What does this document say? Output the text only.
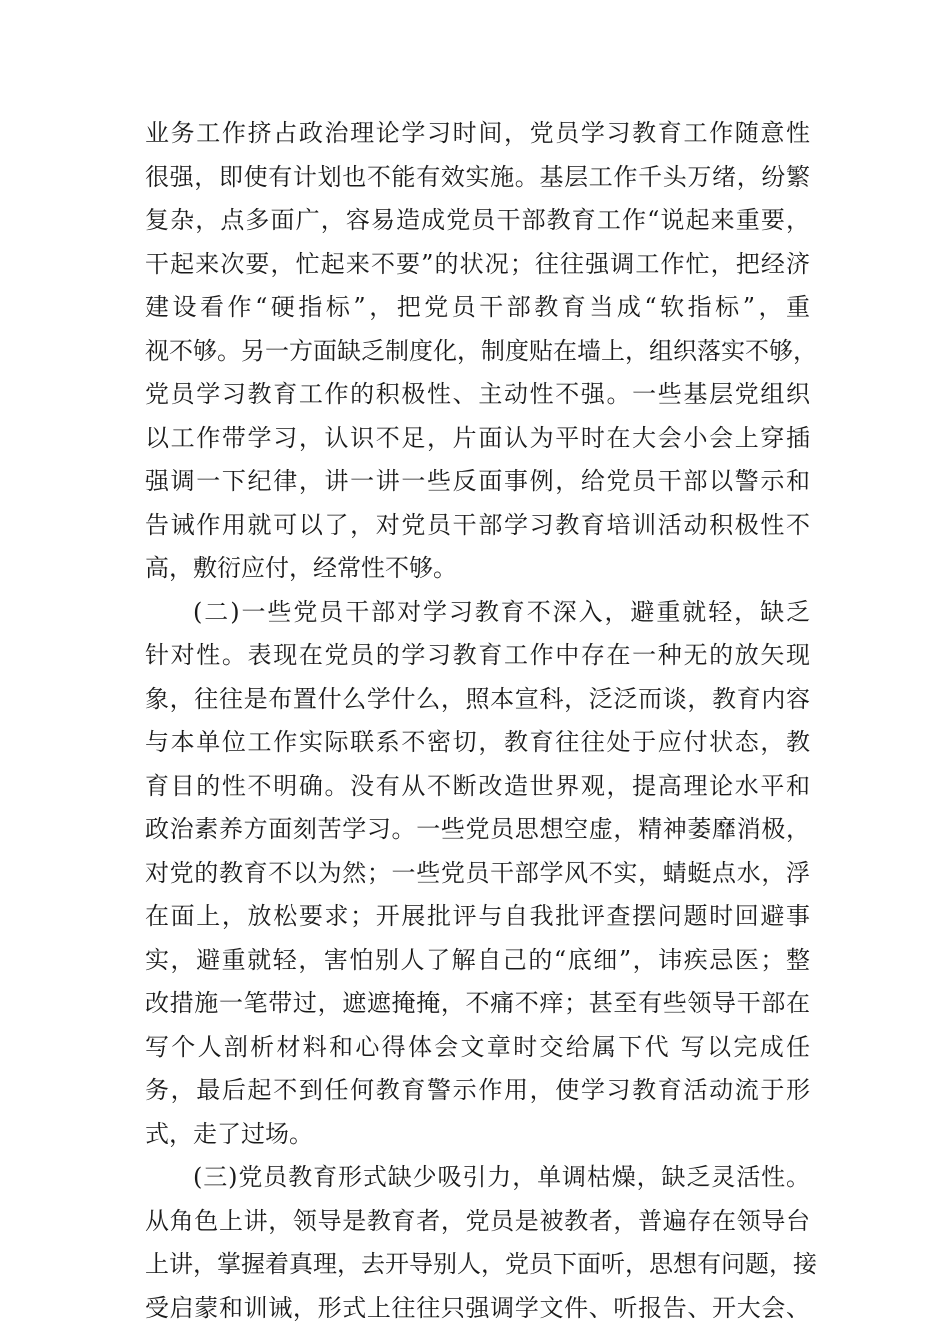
业务工作挤占政治理论学习时间，党员学习教育工作随意性
很强，即使有计划也不能有效实施。基层工作千头万绪，纷繁
复杂，点多面广，容易造成党员干部教育工作“说起来重要，
干起来次要，忙起来不要”的状况；往往强调工作忙，把经济
建设看作“硬指标”，把党员干部教育当成“软指标”，重
视不够。另一方面缺乏制度化，制度贴在墙上，组织落实不够，
党员学习教育工作的积极性、主动性不强。一些基层党组织
以工作带学习，认识不足，片面认为平时在大会小会上穿插
强调一下纪律，讲一讲一些反面事例，给党员干部以警示和
告诫作用就可以了，对党员干部学习教育培训活动积极性不
高，敷衍应付，经常性不够。
(二)一些党员干部对学习教育不深入，避重就轻，缺乏
针对性。表现在党员的学习教育工作中存在一种无的放矢现
象，往往是布置什么学什么，照本宣科，泛泛而谈，教育内容
与本单位工作实际联系不密切，教育往往处于应付状态，教
育目的性不明确。没有从不断改造世界观，提高理论水平和
政治素养方面刻苦学习。一些党员思想空虚，精神萎靡消极，
对党的教育不以为然；一些党员干部学风不实，蜻蜓点水，浮
在面上，放松要求；开展批评与自我批评查摆问题时回避事
实，避重就轻，害怕别人了解自己的“底细”，讳疾忌医；整
改措施一笔带过，遮遮掩掩，不痛不痒；甚至有些领导干部在
写个人剖析材料和心得体会文章时交给属下代 写以完成任
务，最后起不到任何教育警示作用，使学习教育活动流于形
式，走了过场。
(三)党员教育形式缺少吸引力，单调枯燥，缺乏灵活性。
从角色上讲，领导是教育者，党员是被教者，普遍存在领导台
上讲，掌握着真理，去开导别人，党员下面听，思想有问题，接
受启蒙和训诫，形式上往往只强调学文件、听报告、开大会、
